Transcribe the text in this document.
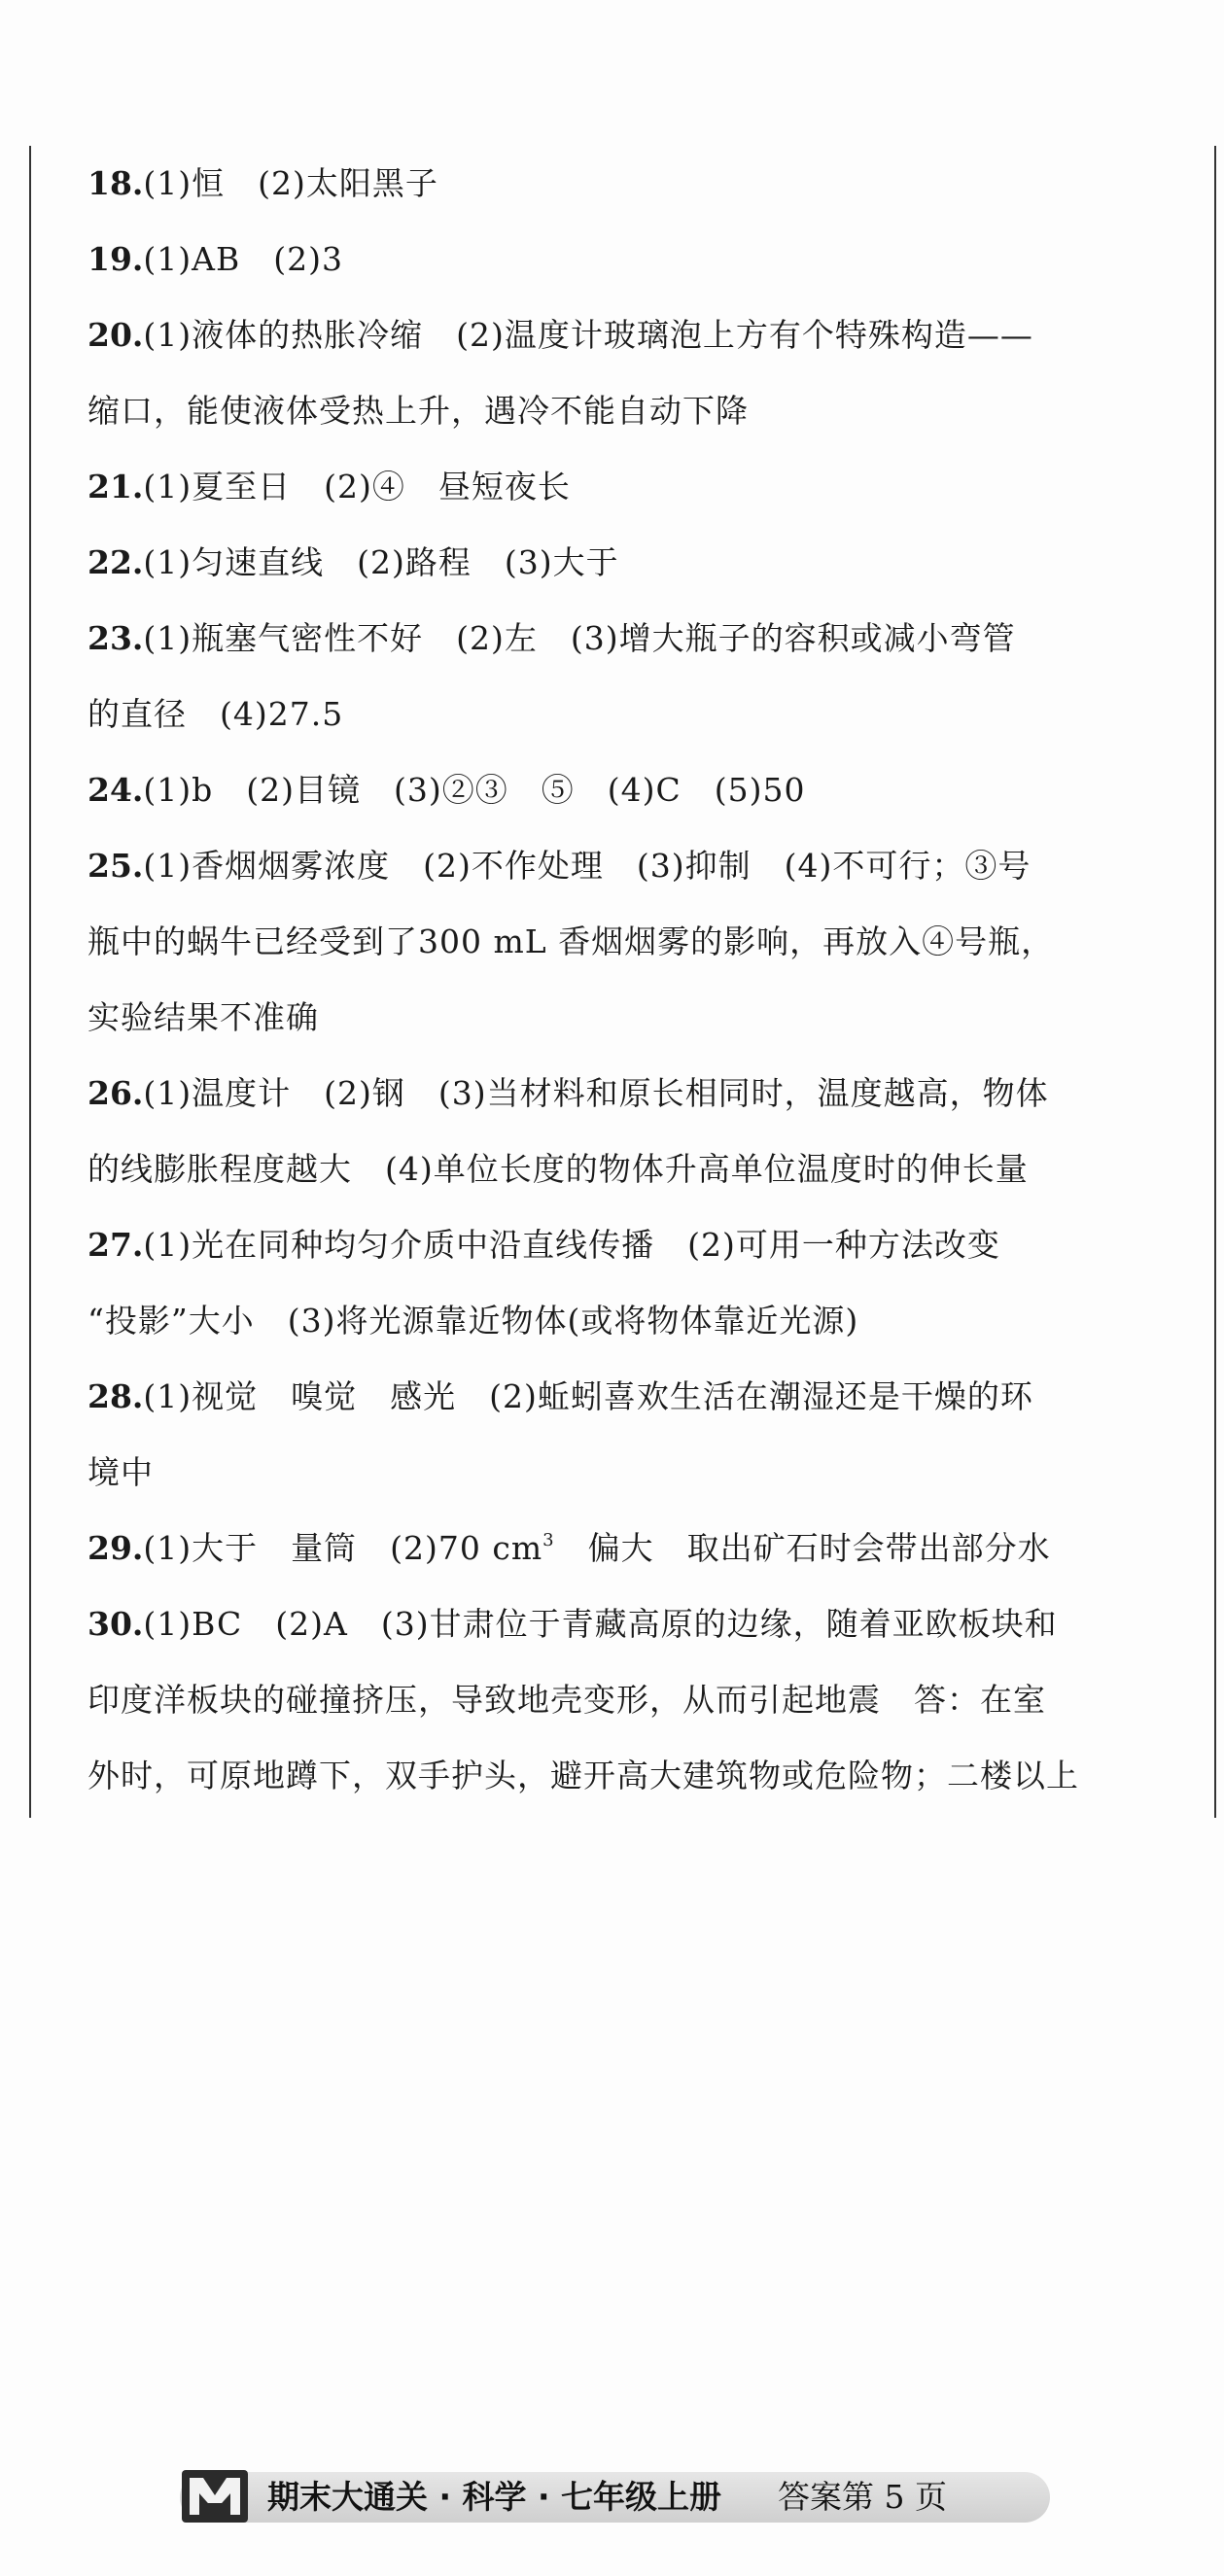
18.(1)恒　(2)太阳黑子
19.(1)AB　(2)3
20.(1)液体的热胀冷缩　(2)温度计玻璃泡上方有个特殊构造——
缩口，能使液体受热上升，遇冷不能自动下降
21.(1)夏至日　(2)④　昼短夜长
22.(1)匀速直线　(2)路程　(3)大于
23.(1)瓶塞气密性不好　(2)左　(3)增大瓶子的容积或减小弯管
的直径　(4)27.5
24.(1)b　(2)目镜　(3)②③　⑤　(4)C　(5)50
25.(1)香烟烟雾浓度　(2)不作处理　(3)抑制　(4)不可行；③号
瓶中的蜗牛已经受到了300 mL 香烟烟雾的影响，再放入④号瓶，
实验结果不准确
26.(1)温度计　(2)钢　(3)当材料和原长相同时，温度越高，物体
的线膨胀程度越大　(4)单位长度的物体升高单位温度时的伸长量
27.(1)光在同种均匀介质中沿直线传播　(2)可用一种方法改变
“投影”大小　(3)将光源靠近物体(或将物体靠近光源)
28.(1)视觉　嗅觉　感光　(2)蚯蚓喜欢生活在潮湿还是干燥的环
境中
29.(1)大于　量筒　(2)70 $cm^3$　偏大　取出矿石时会带出部分水
30.(1)BC　(2)A　(3)甘肃位于青藏高原的边缘，随着亚欧板块和
印度洋板块的碰撞挤压，导致地壳变形，从而引起地震　答：在室
外时，可原地蹲下，双手护头，避开高大建筑物或危险物；二楼以上
期末大通关 · 科学 · 七年级上册 答案第 5 页
